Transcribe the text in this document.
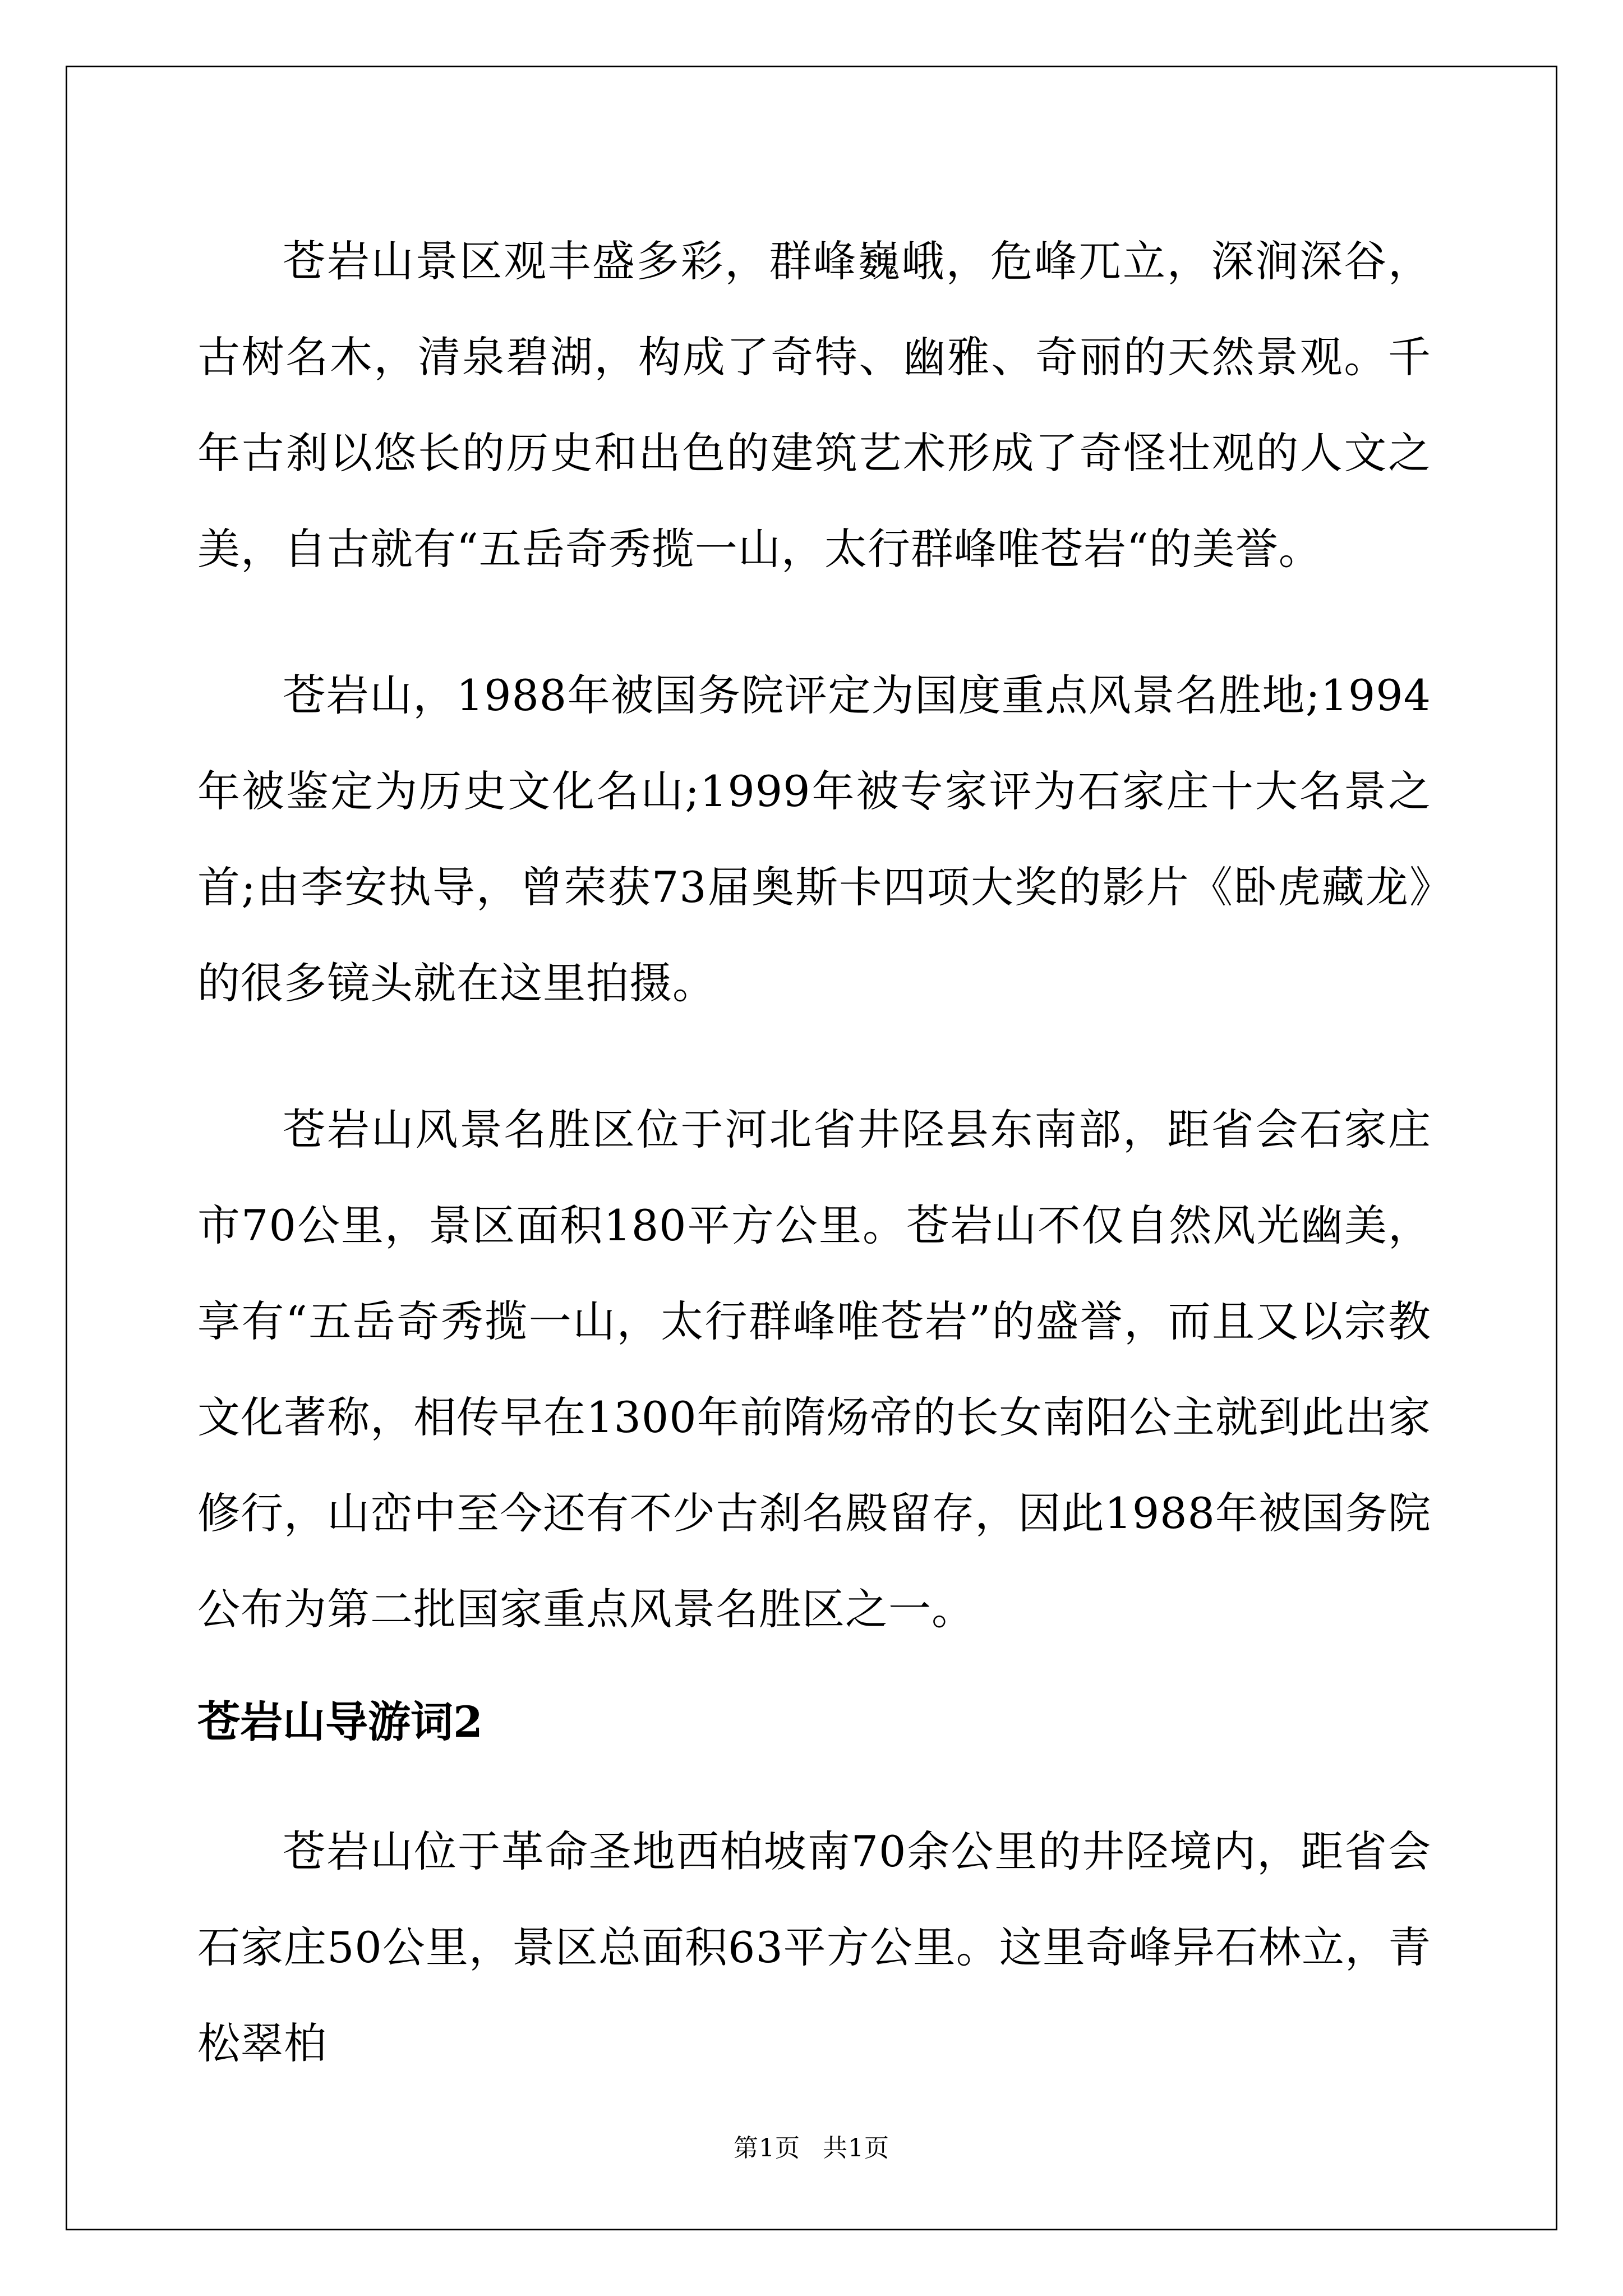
苍岩山景区观丰盛多彩，群峰巍峨，危峰兀立，深涧深谷，古树名木，清泉碧湖，构成了奇特、幽雅、奇丽的天然景观。千年古刹以悠长的历史和出色的建筑艺术形成了奇怪壮观的人文之美，自古就有“五岳奇秀揽一山，太行群峰唯苍岩“的美誉。

苍岩山，1988年被国务院评定为国度重点风景名胜地;1994年被鉴定为历史文化名山;1999年被专家评为石家庄十大名景之首;由李安执导，曾荣获73届奥斯卡四项大奖的影片《卧虎藏龙》的很多镜头就在这里拍摄。

苍岩山风景名胜区位于河北省井陉县东南部，距省会石家庄市70公里，景区面积180平方公里。苍岩山不仅自然风光幽美，享有“五岳奇秀揽一山，太行群峰唯苍岩”的盛誉，而且又以宗教文化著称，相传早在1300年前隋炀帝的长女南阳公主就到此出家修行，山峦中至今还有不少古刹名殿留存，因此1988年被国务院公布为第二批国家重点风景名胜区之一。

苍岩山导游词2

苍岩山位于革命圣地西柏坡南70余公里的井陉境内，距省会石家庄50公里，景区总面积63平方公里。这里奇峰异石林立，青松翠柏

第1页 共1页
